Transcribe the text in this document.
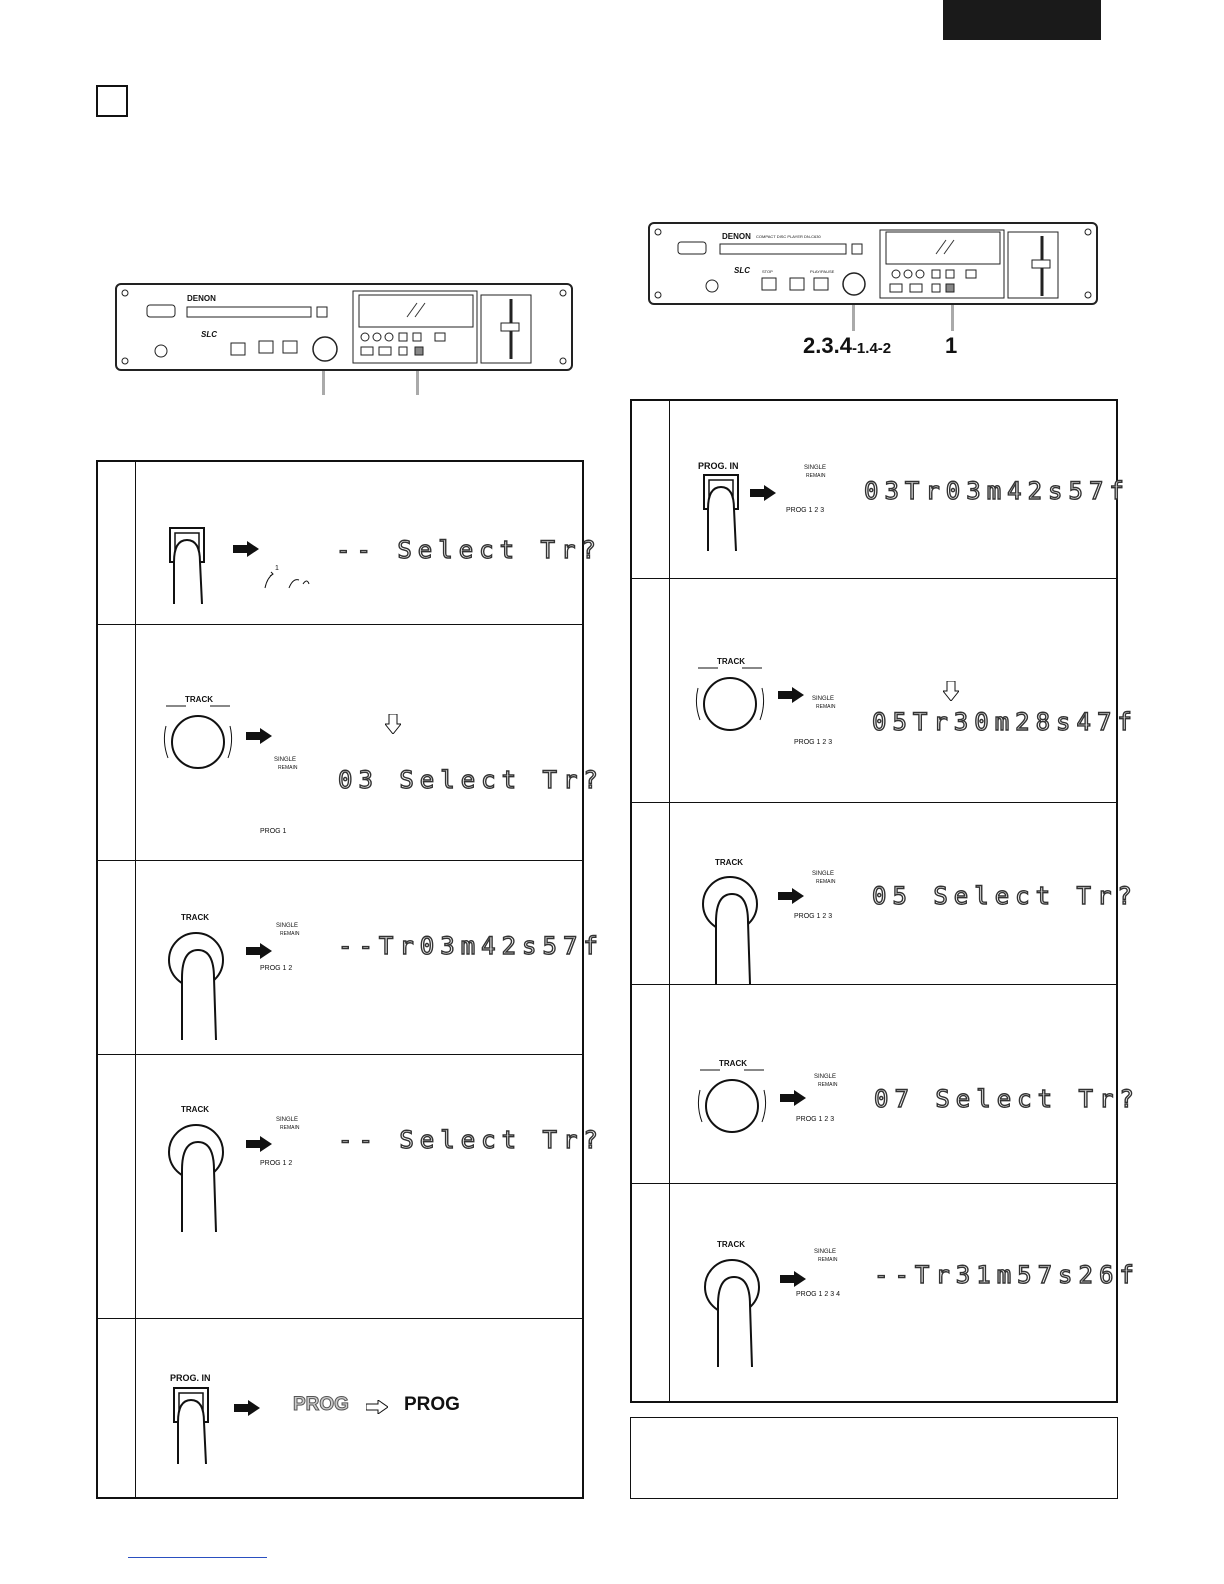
DENON
SLC
DENON COMPACT DISC PLAYER DN-C630
SLC	STOP	PLAY/PAUSE
2.3.4-1.4-2 1
1
-- Select Tr?
TRACK
SINGLE
REMAIN
PROG 1
03 Select Tr?
TRACK
SINGLE
REMAIN
PROG 1 2
--Tr03m42s57f
TRACK
SINGLE
REMAIN
PROG 1 2
-- Select Tr?
PROG. IN
PROG	PROG
PROG. IN	SINGLE
REMAIN
PROG 1 2 3
03Tr03m42s57f
TRACK
SINGLE
REMAIN
PROG 1 2 3
05Tr30m28s47f
TRACK
SINGLE
REMAIN
PROG 1 2 3
05 Select Tr?
TRACK
SINGLE
REMAIN
PROG 1 2 3
07 Select Tr?
TRACK
SINGLE
REMAIN
PROG 1 2 3 4
--Tr31m57s26f
